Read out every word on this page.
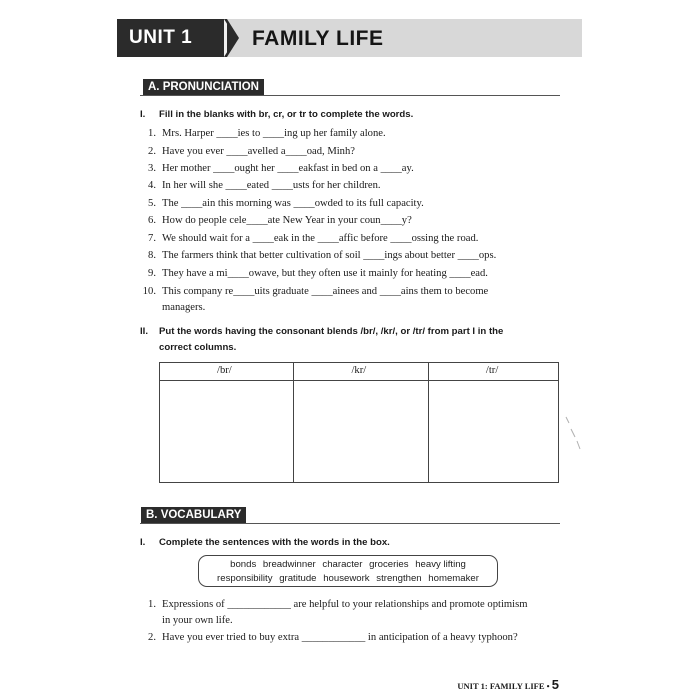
UNIT 1	FAMILY LIFE
A. PRONUNCIATION
I. Fill in the blanks with br, cr, or tr to complete the words.
1. Mrs. Harper ____ies to ____ing up her family alone.
2. Have you ever ____avelled a____oad, Minh?
3. Her mother ____ought her ____eakfast in bed on a ____ay.
4. In her will she ____eated ____usts for her children.
5. The ____ain this morning was ____owded to its full capacity.
6. How do people cele____ate New Year in your coun____y?
7. We should wait for a ____eak in the ____affic before ____ossing the road.
8. The farmers think that better cultivation of soil ____ings about better ____ops.
9. They have a mi____owave, but they often use it mainly for heating ____ead.
10. This company re____uits graduate ____ainees and ____ains them to become
managers.
II. Put the words having the consonant blends /br/, /kr/, or /tr/ from part I in the
correct columns.
/br/	/kr/	/tr/

B. VOCABULARY
I. Complete the sentences with the words in the box.
bonds breadwinner character groceries heavy lifting
responsibility gratitude housework strengthen homemaker
1. Expressions of ____________ are helpful to your relationships and promote optimism
in your own life.
2. Have you ever tried to buy extra ____________ in anticipation of a heavy typhoon?
UNIT 1: FAMILY LIFE • 5
